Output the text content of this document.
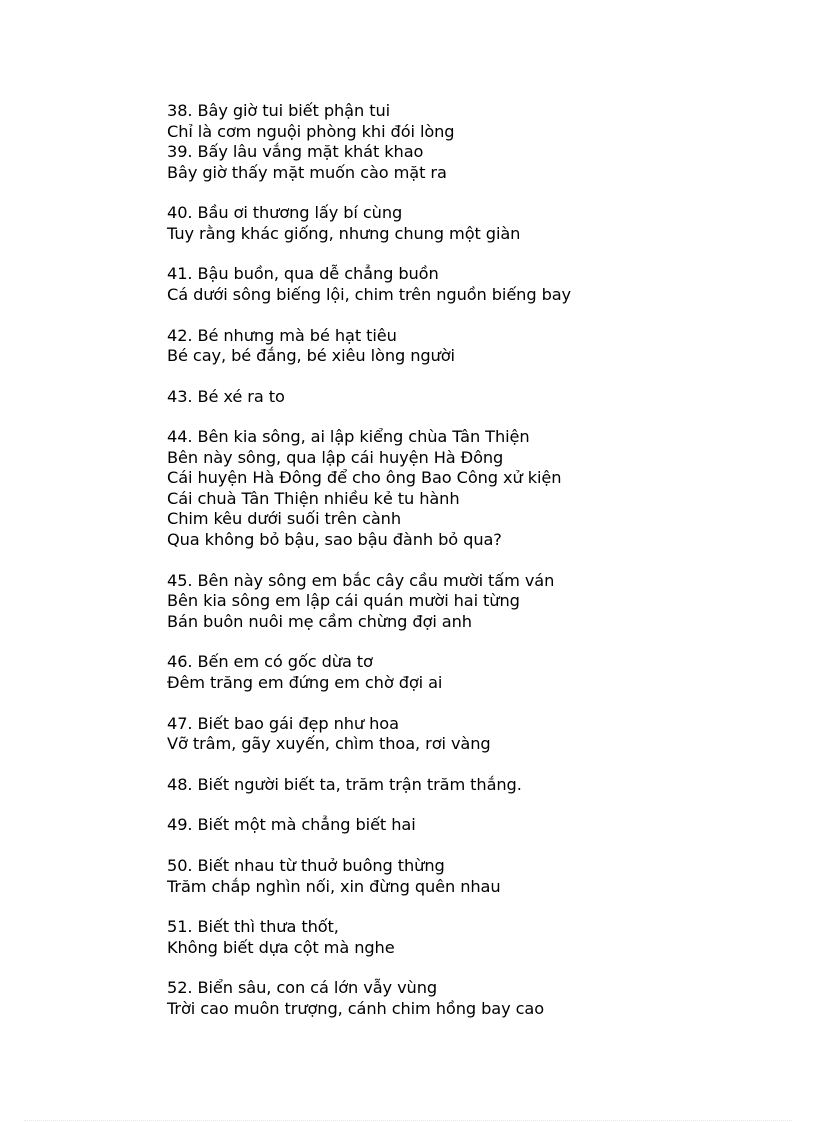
38. Bây giờ tui biết phận tui
Chỉ là cơm nguội phòng khi đói lòng
39. Bấy lâu vắng mặt khát khao
Bây giờ thấy mặt muốn cào mặt ra
40. Bầu ơi thương lấy bí cùng
Tuy rằng khác giống, nhưng chung một giàn
41. Bậu buồn, qua dễ chẳng buồn
Cá dưới sông biếng lội, chim trên nguồn biếng bay
42. Bé nhưng mà bé hạt tiêu
Bé cay, bé đắng, bé xiêu lòng người
43. Bé xé ra to
44. Bên kia sông, ai lập kiểng chùa Tân Thiện
Bên này sông, qua lập cái huyện Hà Đông
Cái huyện Hà Đông để cho ông Bao Công xử kiện
Cái chuà Tân Thiện nhiều kẻ tu hành
Chim kêu dưới suối trên cành
Qua không bỏ bậu, sao bậu đành bỏ qua?
45. Bên này sông em bắc cây cầu mười tấm ván
Bên kia sông em lập cái quán mười hai từng
Bán buôn nuôi mẹ cầm chừng đợi anh
46. Bến em có gốc dừa tơ
Đêm trăng em đứng em chờ đợi ai
47. Biết bao gái đẹp như hoa
Vỡ trâm, gãy xuyến, chìm thoa, rơi vàng
48. Biết người biết ta, trăm trận trăm thắng.
49. Biết một mà chẳng biết hai
50. Biết nhau từ thuở buông thừng
Trăm chắp nghìn nối, xin đừng quên nhau
51. Biết thì thưa thốt,
Không biết dựa cột mà nghe
52. Biển sâu, con cá lớn vẫy vùng
Trời cao muôn trượng, cánh chim hồng bay cao
